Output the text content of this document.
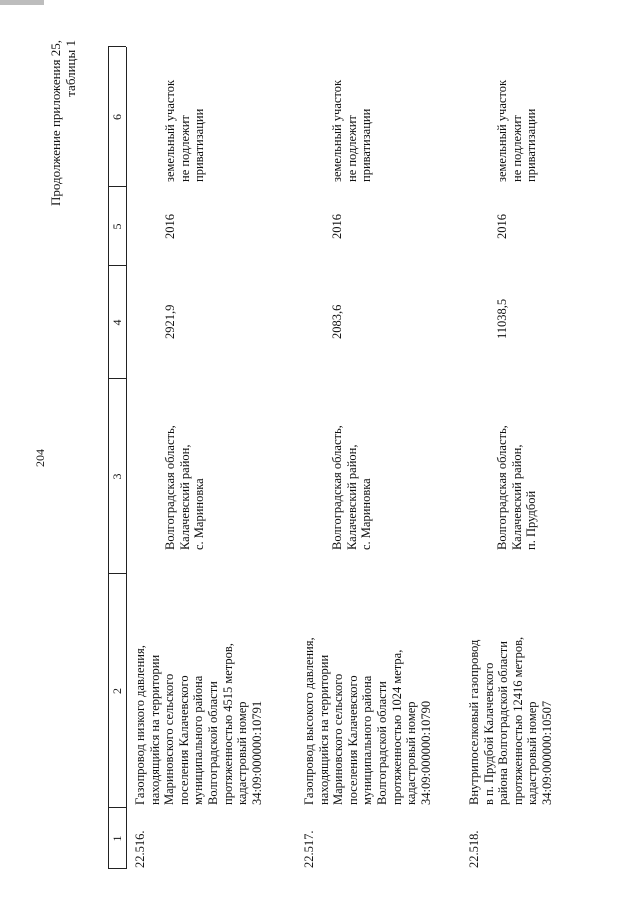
204
Продолжение приложения 25, таблицы 1
1
2
3
4
5
6
22.516.
Газопровод низкого давления, находящийся на территории Мариновского сельского поселения Калачевского муниципального района Волгоградской области протяженностью 4515 метров, кадастровый номер 34:09:000000:10791
Волгоградская область, Калачевский район, с. Мариновка
2921,9
2016
земельный участок не подлежит приватизации
22.517.
Газопровод высокого давления, находящийся на территории Мариновского сельского поселения Калачевского муниципального района Волгоградской области протяженностью 1024 метра, кадастровый номер 34:09:000000:10790
Волгоградская область, Калачевский район, с. Мариновка
2083,6
2016
земельный участок не подлежит приватизации
22.518.
Внутрипоселковый газопровод в п. Прудбой Калачевского района Волгоградской области протяженностью 12416 метров, кадастровый номер 34:09:000000:10507
Волгоградская область, Калачевский район, п. Прудбой
11038,5
2016
земельный участок не подлежит приватизации
